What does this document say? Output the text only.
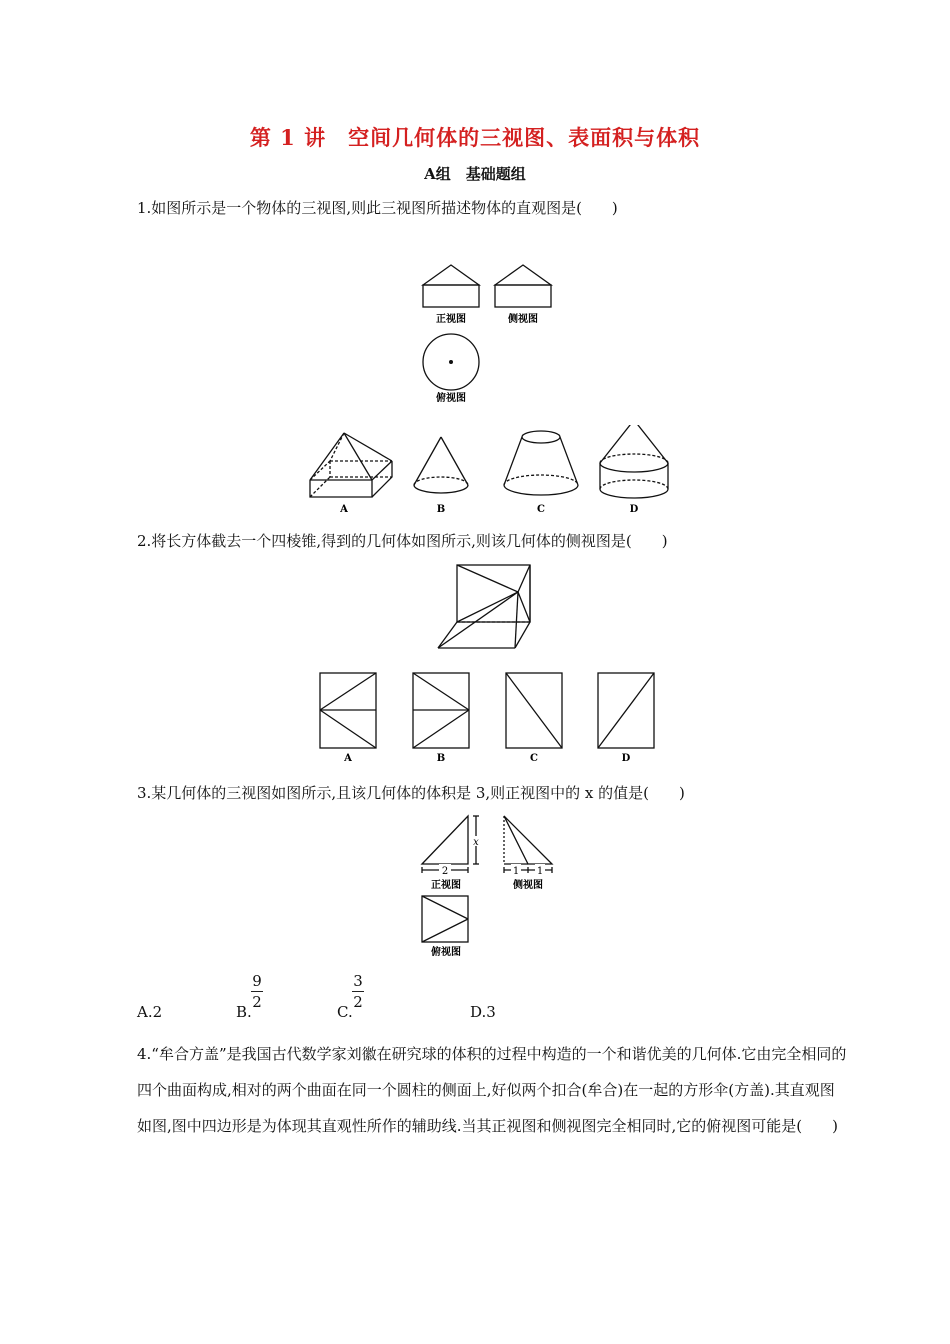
第 1 讲　空间几何体的三视图、表面积与体积
A组　基础题组
1.如图所示是一个物体的三视图,则此三视图所描述物体的直观图是(　　)
正视图	侧视图
俯视图
A	B	C	D
2.将长方体截去一个四棱锥,得到的几何体如图所示,则该几何体的侧视图是(　　)
A	B	C	D
3.某几何体的三视图如图所示,且该几何体的体积是 3,则正视图中的 x 的值是(　　)
x
2	1 1
正视图	侧视图
俯视图
A.2	B.
9
2
C.
3
2
D.3
4.“牟合方盖”是我国古代数学家刘徽在研究球的体积的过程中构造的一个和谐优美的几何体.它由完全相同的四个曲面构成,相对的两个曲面在同一个圆柱的侧面上,好似两个扣合(牟合)在一起的方形伞(方盖).其直观图如图,图中四边形是为体现其直观性所作的辅助线.当其正视图和侧视图完全相同时,它的俯视图可能是(　　)
